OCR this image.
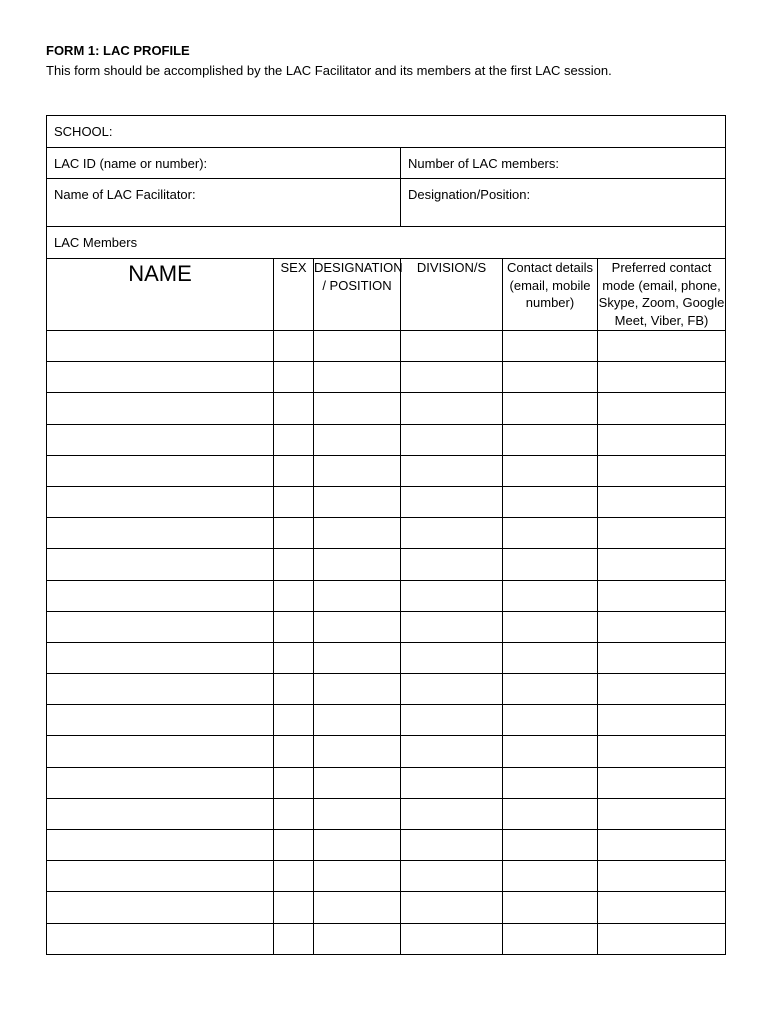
FORM 1: LAC PROFILE
This form should be accomplished by the LAC Facilitator and its members at the first LAC session.
SCHOOL:					

LAC ID (name or number):			Number of LAC members:		

Name of LAC Facilitator:			Designation/Position:		

LAC Members					

NAME	SEX	DESIGNATION / POSITION	DIVISION/S	Contact details (email, mobile number)	Preferred contact mode (email, phone, Skype, Zoom, Google Meet, Viber, FB)
